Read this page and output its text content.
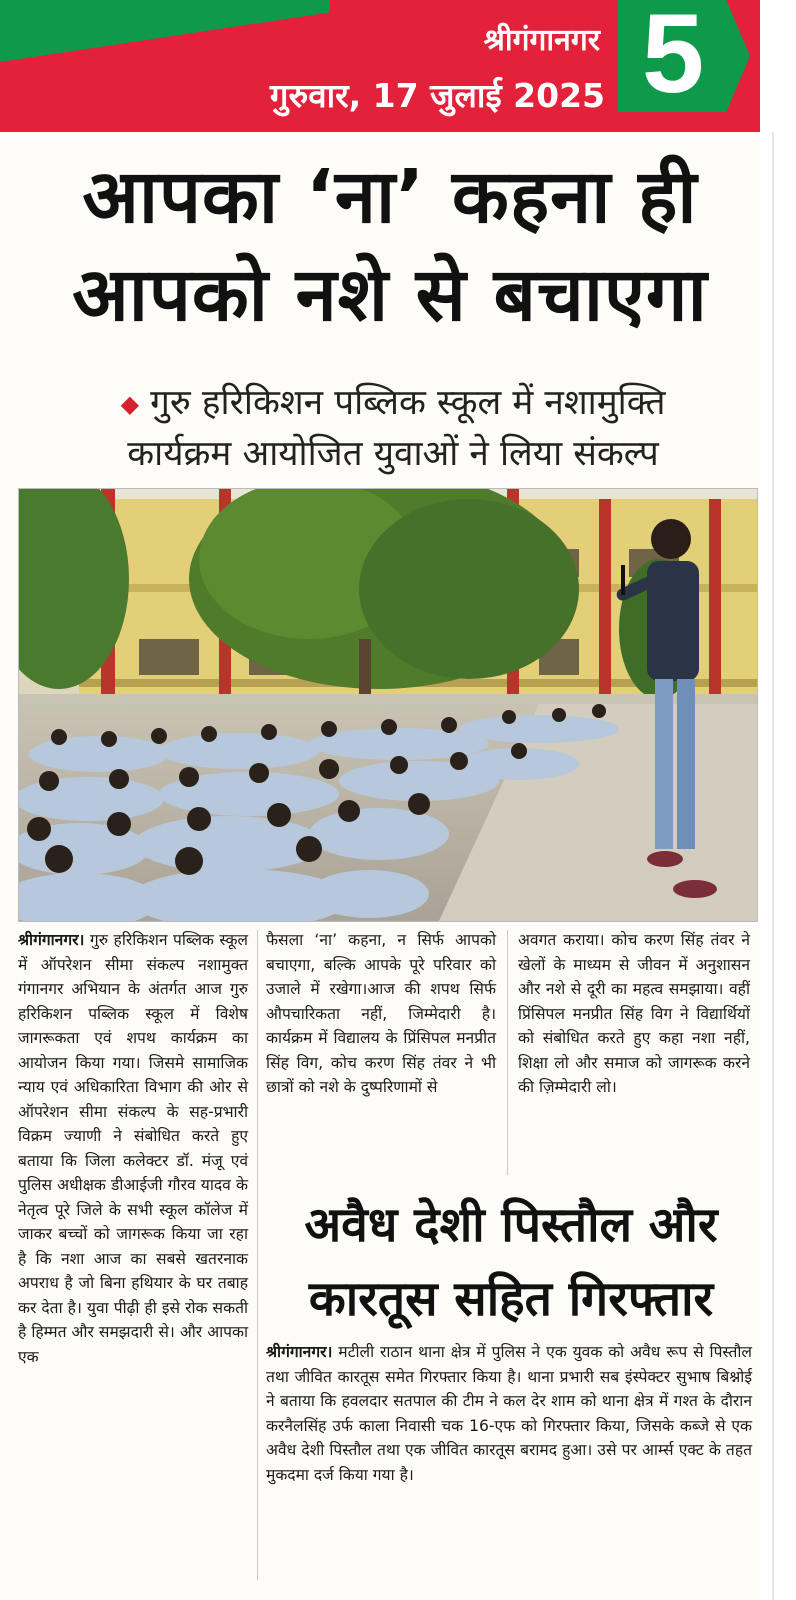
श्रीगंगानगर
गुरुवार, 17 जुलाई 2025 5
आपका ‘ना’ कहना ही
आपको नशे से बचाएगा
◆ गुरु हरिकिशन पब्लिक स्कूल में नशामुक्ति
कार्यक्रम आयोजित युवाओं ने लिया संकल्प
श्रीगंगानगर। गुरु हरिकिशन पब्लिक स्कूल में ऑपरेशन सीमा संकल्प नशामुक्त गंगानगर अभियान के अंतर्गत आज गुरु हरिकिशन पब्लिक स्कूल में विशेष जागरूकता एवं शपथ कार्यक्रम का आयोजन किया गया। जिसमे सामाजिक न्याय एवं अधिकारिता विभाग की ओर से ऑपरेशन सीमा संकल्प के सह-प्रभारी विक्रम ज्याणी ने संबोधित करते हुए बताया कि जिला कलेक्टर डॉ. मंजू एवं पुलिस अधीक्षक डीआईजी गौरव यादव के नेतृत्व पूरे जिले के सभी स्कूल कॉलेज में जाकर बच्चों को जागरूक किया जा रहा है कि नशा आज का सबसे खतरनाक अपराध है जो बिना हथियार के घर तबाह कर देता है। युवा पीढ़ी ही इसे रोक सकती है हिम्मत और समझदारी से। और आपका एक
फैसला ‘ना’ कहना, न सिर्फ आपको बचाएगा, बल्कि आपके पूरे परिवार को उजाले में रखेगा।आज की शपथ सिर्फ औपचारिकता नहीं, जिम्मेदारी है। कार्यक्रम में विद्यालय के प्रिंसिपल मनप्रीत सिंह विग, कोच करण सिंह तंवर ने भी छात्रों को नशे के दुष्परिणामों से
अवगत कराया। कोच करण सिंह तंवर ने खेलों के माध्यम से जीवन में अनुशासन और नशे से दूरी का महत्व समझाया। वहीं प्रिंसिपल मनप्रीत सिंह विग ने विद्यार्थियों को संबोधित करते हुए कहा नशा नहीं, शिक्षा लो और समाज को जागरूक करने की ज़िम्मेदारी लो।
अवैध देशी पिस्तौल और
कारतूस सहित गिरफ्तार
श्रीगंगानगर। मटीली राठान थाना क्षेत्र में पुलिस ने एक युवक को अवैध रूप से पिस्तौल तथा जीवित कारतूस समेत गिरफ्तार किया है। थाना प्रभारी सब इंस्पेक्टर सुभाष बिश्नोई ने बताया कि हवलदार सतपाल की टीम ने कल देर शाम को थाना क्षेत्र में गश्त के दौरान करनैलसिंह उर्फ काला निवासी चक 16-एफ को गिरफ्तार किया, जिसके कब्जे से एक अवैध देशी पिस्तौल तथा एक जीवित कारतूस बरामद हुआ। उसे पर आर्म्स एक्ट के तहत मुकदमा दर्ज किया गया है।
